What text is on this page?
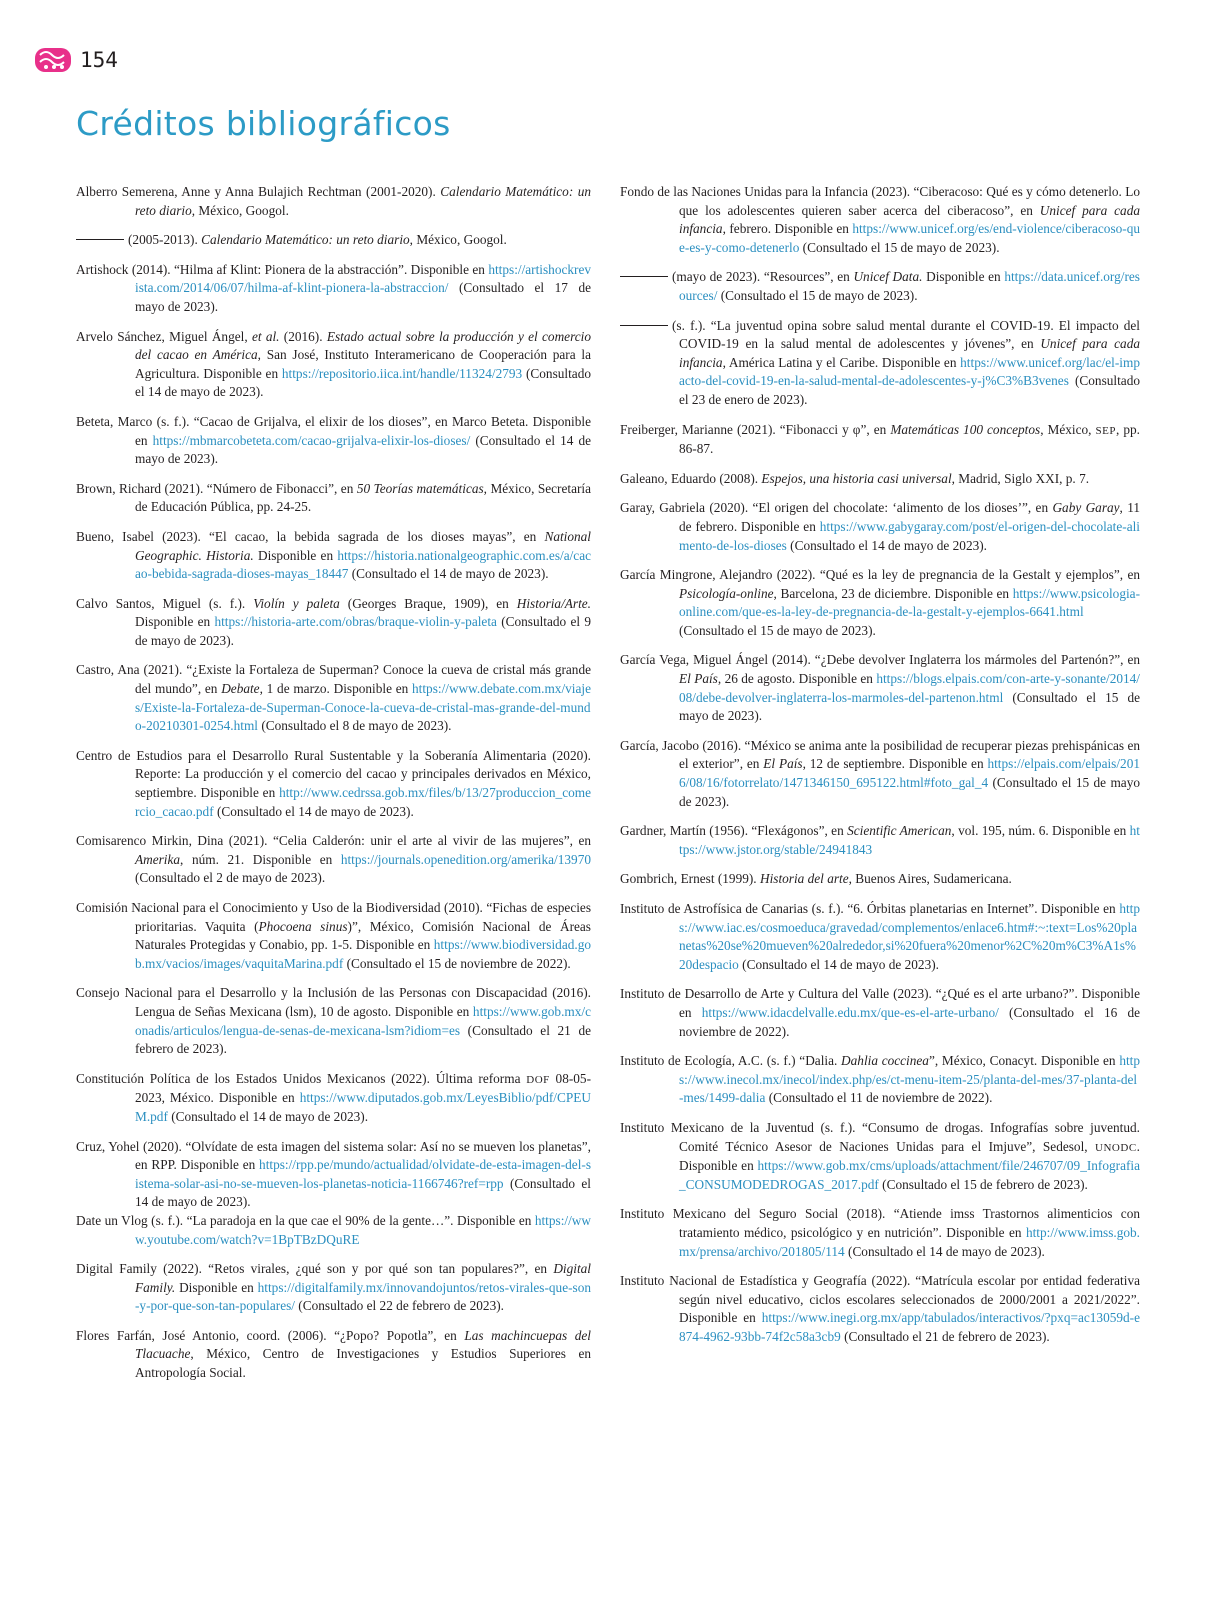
154
Créditos bibliográficos

Alberro Semerena, Anne y Anna Bulajich Rechtman (2001-2020). Calendario Matemático: un reto diario, México, Googol.

(2005-2013). Calendario Matemático: un reto diario, México, Googol.

Artishock (2014). “Hilma af Klint: Pionera de la abstracción”. Disponible en https://artishockrevista.com/2014/06/07/hilma-af-klint-pionera-la-abstraccion/ (Consultado el 17 de mayo de 2023).

Arvelo Sánchez, Miguel Ángel, et al. (2016). Estado actual sobre la producción y el comercio del cacao en América, San José, Instituto Interamericano de Cooperación para la Agricultura. Disponible en https://repositorio.iica.int/handle/11324/2793 (Consultado el 14 de mayo de 2023).

Beteta, Marco (s. f.). “Cacao de Grijalva, el elixir de los dioses”, en Marco Beteta. Disponible en https://mbmarcobeteta.com/cacao-grijalva-elixir-los-dioses/ (Consultado el 14 de mayo de 2023).

Brown, Richard (2021). “Número de Fibonacci”, en 50 Teorías matemáticas, México, Secretaría de Educación Pública, pp. 24-25.

Bueno, Isabel (2023). “El cacao, la bebida sagrada de los dioses mayas”, en National Geographic. Historia. Disponible en https://historia.nationalgeographic.com.es/a/cacao-bebida-sagrada-dioses-mayas_18447 (Consultado el 14 de mayo de 2023).

Calvo Santos, Miguel (s. f.). Violín y paleta (Georges Braque, 1909), en Historia/Arte. Disponible en https://historia-arte.com/obras/braque-violin-y-paleta (Consultado el 9 de mayo de 2023).

Castro, Ana (2021). “¿Existe la Fortaleza de Superman? Conoce la cueva de cristal más grande del mundo”, en Debate, 1 de marzo. Disponible en https://www.debate.com.mx/viajes/Existe-la-Fortaleza-de-Superman-Conoce-la-cueva-de-cristal-mas-grande-del-mundo-20210301-0254.html (Consultado el 8 de mayo de 2023).

Centro de Estudios para el Desarrollo Rural Sustentable y la Soberanía Alimentaria (2020). Reporte: La producción y el comercio del cacao y principales derivados en México, septiembre. Disponible en http://www.cedrssa.gob.mx/files/b/13/27produccion_comercio_cacao.pdf (Consultado el 14 de mayo de 2023).

Comisarenco Mirkin, Dina (2021). “Celia Calderón: unir el arte al vivir de las mujeres”, en Amerika, núm. 21. Disponible en https://journals.openedition.org/amerika/13970 (Consultado el 2 de mayo de 2023).

Comisión Nacional para el Conocimiento y Uso de la Biodiversidad (2010). “Fichas de especies prioritarias. Vaquita (Phocoena sinus)”, México, Comisión Nacional de Áreas Naturales Protegidas y Conabio, pp. 1-5. Disponible en https://www.biodiversidad.gob.mx/vacios/images/vaquitaMarina.pdf (Consultado el 15 de noviembre de 2022).

Consejo Nacional para el Desarrollo y la Inclusión de las Personas con Discapacidad (2016). Lengua de Señas Mexicana (lsm), 10 de agosto. Disponible en https://www.gob.mx/conadis/articulos/lengua-de-senas-de-mexicana-lsm?idiom=es (Consultado el 21 de febrero de 2023).

Constitución Política de los Estados Unidos Mexicanos (2022). Última reforma DOF 08-05-2023, México. Disponible en https://www.diputados.gob.mx/LeyesBiblio/pdf/CPEUM.pdf (Consultado el 14 de mayo de 2023).

Cruz, Yohel (2020). “Olvídate de esta imagen del sistema solar: Así no se mueven los planetas”, en RPP. Disponible en https://rpp.pe/mundo/actualidad/olvidate-de-esta-imagen-del-sistema-solar-asi-no-se-mueven-los-planetas-noticia-1166746?ref=rpp (Consultado el 14 de mayo de 2023).

Date un Vlog (s. f.). “La paradoja en la que cae el 90% de la gente…”. Disponible en https://www.youtube.com/watch?v=1BpTBzDQuRE

Digital Family (2022). “Retos virales, ¿qué son y por qué son tan populares?”, en Digital Family. Disponible en https://digitalfamily.mx/innovandojuntos/retos-virales-que-son-y-por-que-son-tan-populares/ (Consultado el 22 de febrero de 2023).

Flores Farfán, José Antonio, coord. (2006). “¿Popo? Popotla”, en Las machincuepas del Tlacuache, México, Centro de Investigaciones y Estudios Superiores en Antropología Social.

Fondo de las Naciones Unidas para la Infancia (2023). “Ciberacoso: Qué es y cómo detenerlo. Lo que los adolescentes quieren saber acerca del ciberacoso”, en Unicef para cada infancia, febrero. Disponible en https://www.unicef.org/es/end-violence/ciberacoso-que-es-y-como-detenerlo (Consultado el 15 de mayo de 2023).

(mayo de 2023). “Resources”, en Unicef Data. Disponible en https://data.unicef.org/resources/ (Consultado el 15 de mayo de 2023).

(s. f.). “La juventud opina sobre salud mental durante el COVID-19. El impacto del COVID-19 en la salud mental de adolescentes y jóvenes”, en Unicef para cada infancia, América Latina y el Caribe. Disponible en https://www.unicef.org/lac/el-impacto-del-covid-19-en-la-salud-mental-de-adolescentes-y-j%C3%B3venes (Consultado el 23 de enero de 2023).

Freiberger, Marianne (2021). “Fibonacci y φ”, en Matemáticas 100 conceptos, México, SEP, pp. 86-87.

Galeano, Eduardo (2008). Espejos, una historia casi universal, Madrid, Siglo XXI, p. 7.

Garay, Gabriela (2020). “El origen del chocolate: ‘alimento de los dioses’”, en Gaby Garay, 11 de febrero. Disponible en https://www.gabygaray.com/post/el-origen-del-chocolate-alimento-de-los-dioses (Consultado el 14 de mayo de 2023).

García Mingrone, Alejandro (2022). “Qué es la ley de pregnancia de la Gestalt y ejemplos”, en Psicología-online, Barcelona, 23 de diciembre. Disponible en https://www.psicologia-online.com/que-es-la-ley-de-pregnancia-de-la-gestalt-y-ejemplos-6641.html (Consultado el 15 de mayo de 2023).

García Vega, Miguel Ángel (2014). “¿Debe devolver Inglaterra los mármoles del Partenón?”, en El País, 26 de agosto. Disponible en https://blogs.elpais.com/con-arte-y-sonante/2014/08/debe-devolver-inglaterra-los-marmoles-del-partenon.html (Consultado el 15 de mayo de 2023).

García, Jacobo (2016). “México se anima ante la posibilidad de recuperar piezas prehispánicas en el exterior”, en El País, 12 de septiembre. Disponible en https://elpais.com/elpais/2016/08/16/fotorrelato/1471346150_695122.html#foto_gal_4 (Consultado el 15 de mayo de 2023).

Gardner, Martín (1956). “Flexágonos”, en Scientific American, vol. 195, núm. 6. Disponible en https://www.jstor.org/stable/24941843

Gombrich, Ernest (1999). Historia del arte, Buenos Aires, Sudamericana.

Instituto de Astrofísica de Canarias (s. f.). “6. Órbitas planetarias en Internet”. Disponible en https://www.iac.es/cosmoeduca/gravedad/complementos/enlace6.htm#:~:text=Los%20planetas%20se%20mueven%20alrededor,si%20fuera%20menor%2C%20m%C3%A1s%20despacio (Consultado el 14 de mayo de 2023).

Instituto de Desarrollo de Arte y Cultura del Valle (2023). “¿Qué es el arte urbano?”. Disponible en https://www.idacdelvalle.edu.mx/que-es-el-arte-urbano/ (Consultado el 16 de noviembre de 2022).

Instituto de Ecología, A.C. (s. f.) “Dalia. Dahlia coccinea”, México, Conacyt. Disponible en https://www.inecol.mx/inecol/index.php/es/ct-menu-item-25/planta-del-mes/37-planta-del-mes/1499-dalia (Consultado el 11 de noviembre de 2022).

Instituto Mexicano de la Juventud (s. f.). “Consumo de drogas. Infografías sobre juventud. Comité Técnico Asesor de Naciones Unidas para el Imjuve”, Sedesol, UNODC. Disponible en https://www.gob.mx/cms/uploads/attachment/file/246707/09_Infografia_CONSUMODEDROGAS_2017.pdf (Consultado el 15 de febrero de 2023).

Instituto Mexicano del Seguro Social (2018). “Atiende imss Trastornos alimenticios con tratamiento médico, psicológico y en nutrición”. Disponible en http://www.imss.gob.mx/prensa/archivo/201805/114 (Consultado el 14 de mayo de 2023).

Instituto Nacional de Estadística y Geografía (2022). “Matrícula escolar por entidad federativa según nivel educativo, ciclos escolares seleccionados de 2000/2001 a 2021/2022”. Disponible en https://www.inegi.org.mx/app/tabulados/interactivos/?pxq=ac13059d-e874-4962-93bb-74f2c58a3cb9 (Consultado el 21 de febrero de 2023).
